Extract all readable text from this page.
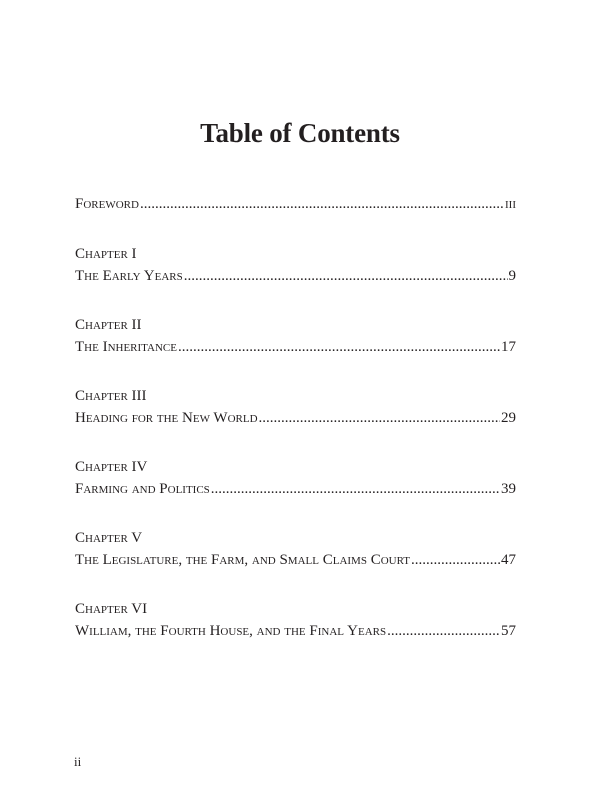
Table of Contents
Foreword .....	iii
Chapter I
The Early Years .....	9
Chapter II
The Inheritance .....	17
Chapter III
Heading for the New World .....	29
Chapter IV
Farming and Politics .....	39
Chapter V
The Legislature, the Farm, and Small Claims Court .....	47
Chapter VI
William, the Fourth House, and the Final Years .....	57
ii
